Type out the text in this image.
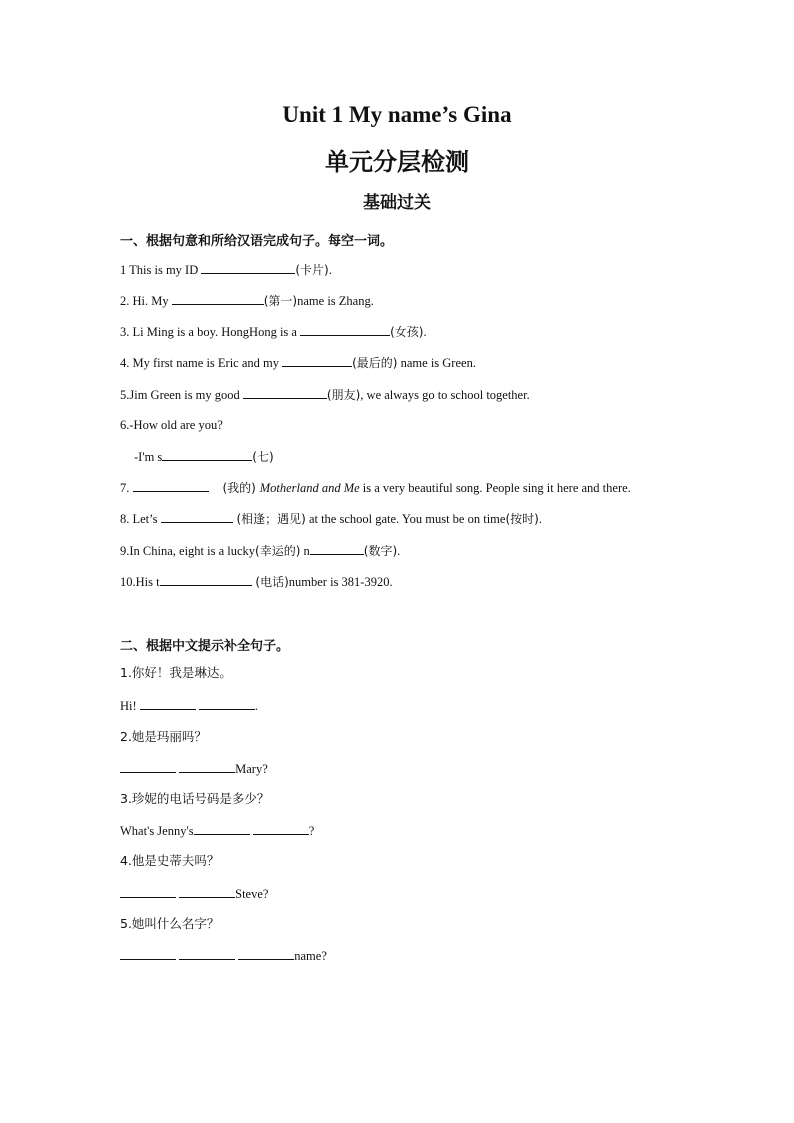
Unit 1 My name’s Gina
单元分层检测
基础过关
一、根据句意和所给汉语完成句子。每空一词。
1 This is my ID	(卡片).
2. Hi. My	(第一)name is Zhang.
3. Li Ming is a boy. HongHong is a	(女孩).
4. My first name is Eric and my	(最后的) name is Green.
5.Jim Green is my good	(朋友), we always go to school together.
6.-How old are you?
-I'm s	(七)
7.	(我的) Motherland and Me is a very beautiful song. People sing it here and there.
8. Let’s	(相逢；遇见) at the school gate. You must be on time(按时).
9.In China, eight is a lucky(幸运的) n	(数字).
10.His t	(电话)number is 381-3920.
二、根据中文提示补全句子。
1.你好！我是琳达。
Hi!	.
2.她是玛丽吗？
Mary?
3.珍妮的电话号码是多少？
What's Jenny's	?
4.他是史蒂夫吗？
Steve?
5.她叫什么名字？
name?
